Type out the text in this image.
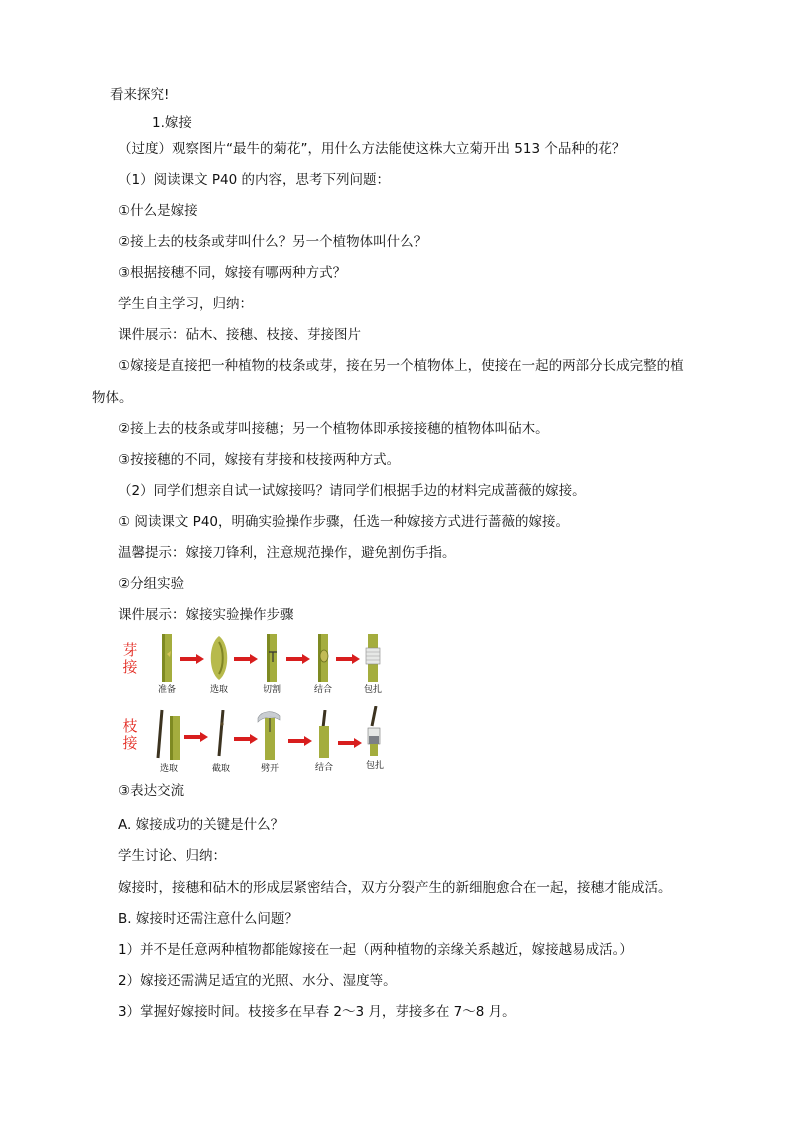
看来探究!
1.嫁接
（过度）观察图片“最牛的菊花”，用什么方法能使这株大立菊开出 513 个品种的花？
（1）阅读课文 P40 的内容，思考下列问题：
①什么是嫁接
②接上去的枝条或芽叫什么？另一个植物体叫什么？
③根据接穗不同，嫁接有哪两种方式？
学生自主学习，归纳：
课件展示：砧木、接穗、枝接、芽接图片
①嫁接是直接把一种植物的枝条或芽，接在另一个植物体上，使接在一起的两部分长成完整的植
物体。
②接上去的枝条或芽叫接穗；另一个植物体即承接接穗的植物体叫砧木。
③按接穗的不同，嫁接有芽接和枝接两种方式。
（2）同学们想亲自试一试嫁接吗？请同学们根据手边的材料完成蔷薇的嫁接。
① 阅读课文 P40，明确实验操作步骤，任选一种嫁接方式进行蔷薇的嫁接。
温馨提示：嫁接刀锋利，注意规范操作，避免割伤手指。
②分组实验
课件展示：嫁接实验操作步骤
芽
接
准备	选取	切割	结合	包扎
枝
接
选取	截取	劈开	结合	包扎
③表达交流
A. 嫁接成功的关键是什么？
学生讨论、归纳：
嫁接时，接穗和砧木的形成层紧密结合，双方分裂产生的新细胞愈合在一起，接穗才能成活。
B. 嫁接时还需注意什么问题？
1）并不是任意两种植物都能嫁接在一起（两种植物的亲缘关系越近，嫁接越易成活。）
2）嫁接还需满足适宜的光照、水分、湿度等。
3）掌握好嫁接时间。枝接多在早春 2～3 月，芽接多在 7～8 月。
